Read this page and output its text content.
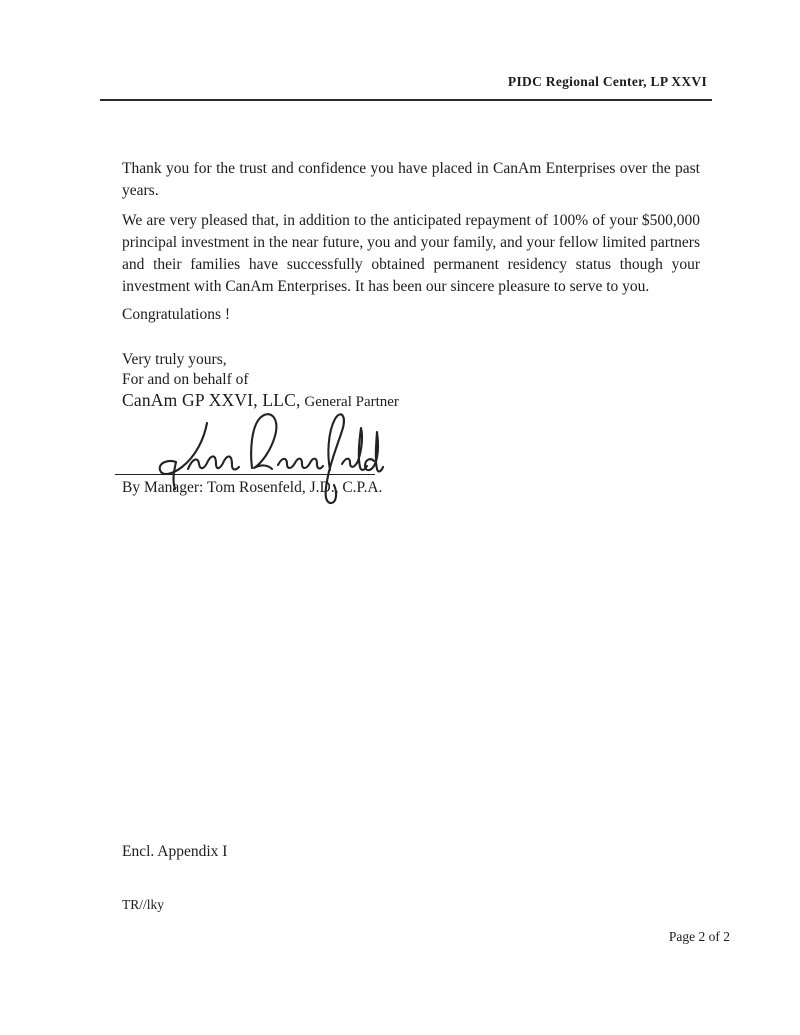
PIDC Regional Center, LP XXVI
Thank you for the trust and confidence you have placed in CanAm Enterprises over the past years.
We are very pleased that, in addition to the anticipated repayment of 100% of your $500,000 principal investment in the near future, you and your family, and your fellow limited partners and their families have successfully obtained permanent residency status though your investment with CanAm Enterprises. It has been our sincere pleasure to serve to you.
Congratulations !
Very truly yours,
For and on behalf of
CanAm GP XXVI, LLC, General Partner
By Manager: Tom Rosenfeld, J.D., C.P.A.
Encl. Appendix I
TR//lky
Page 2 of 2
